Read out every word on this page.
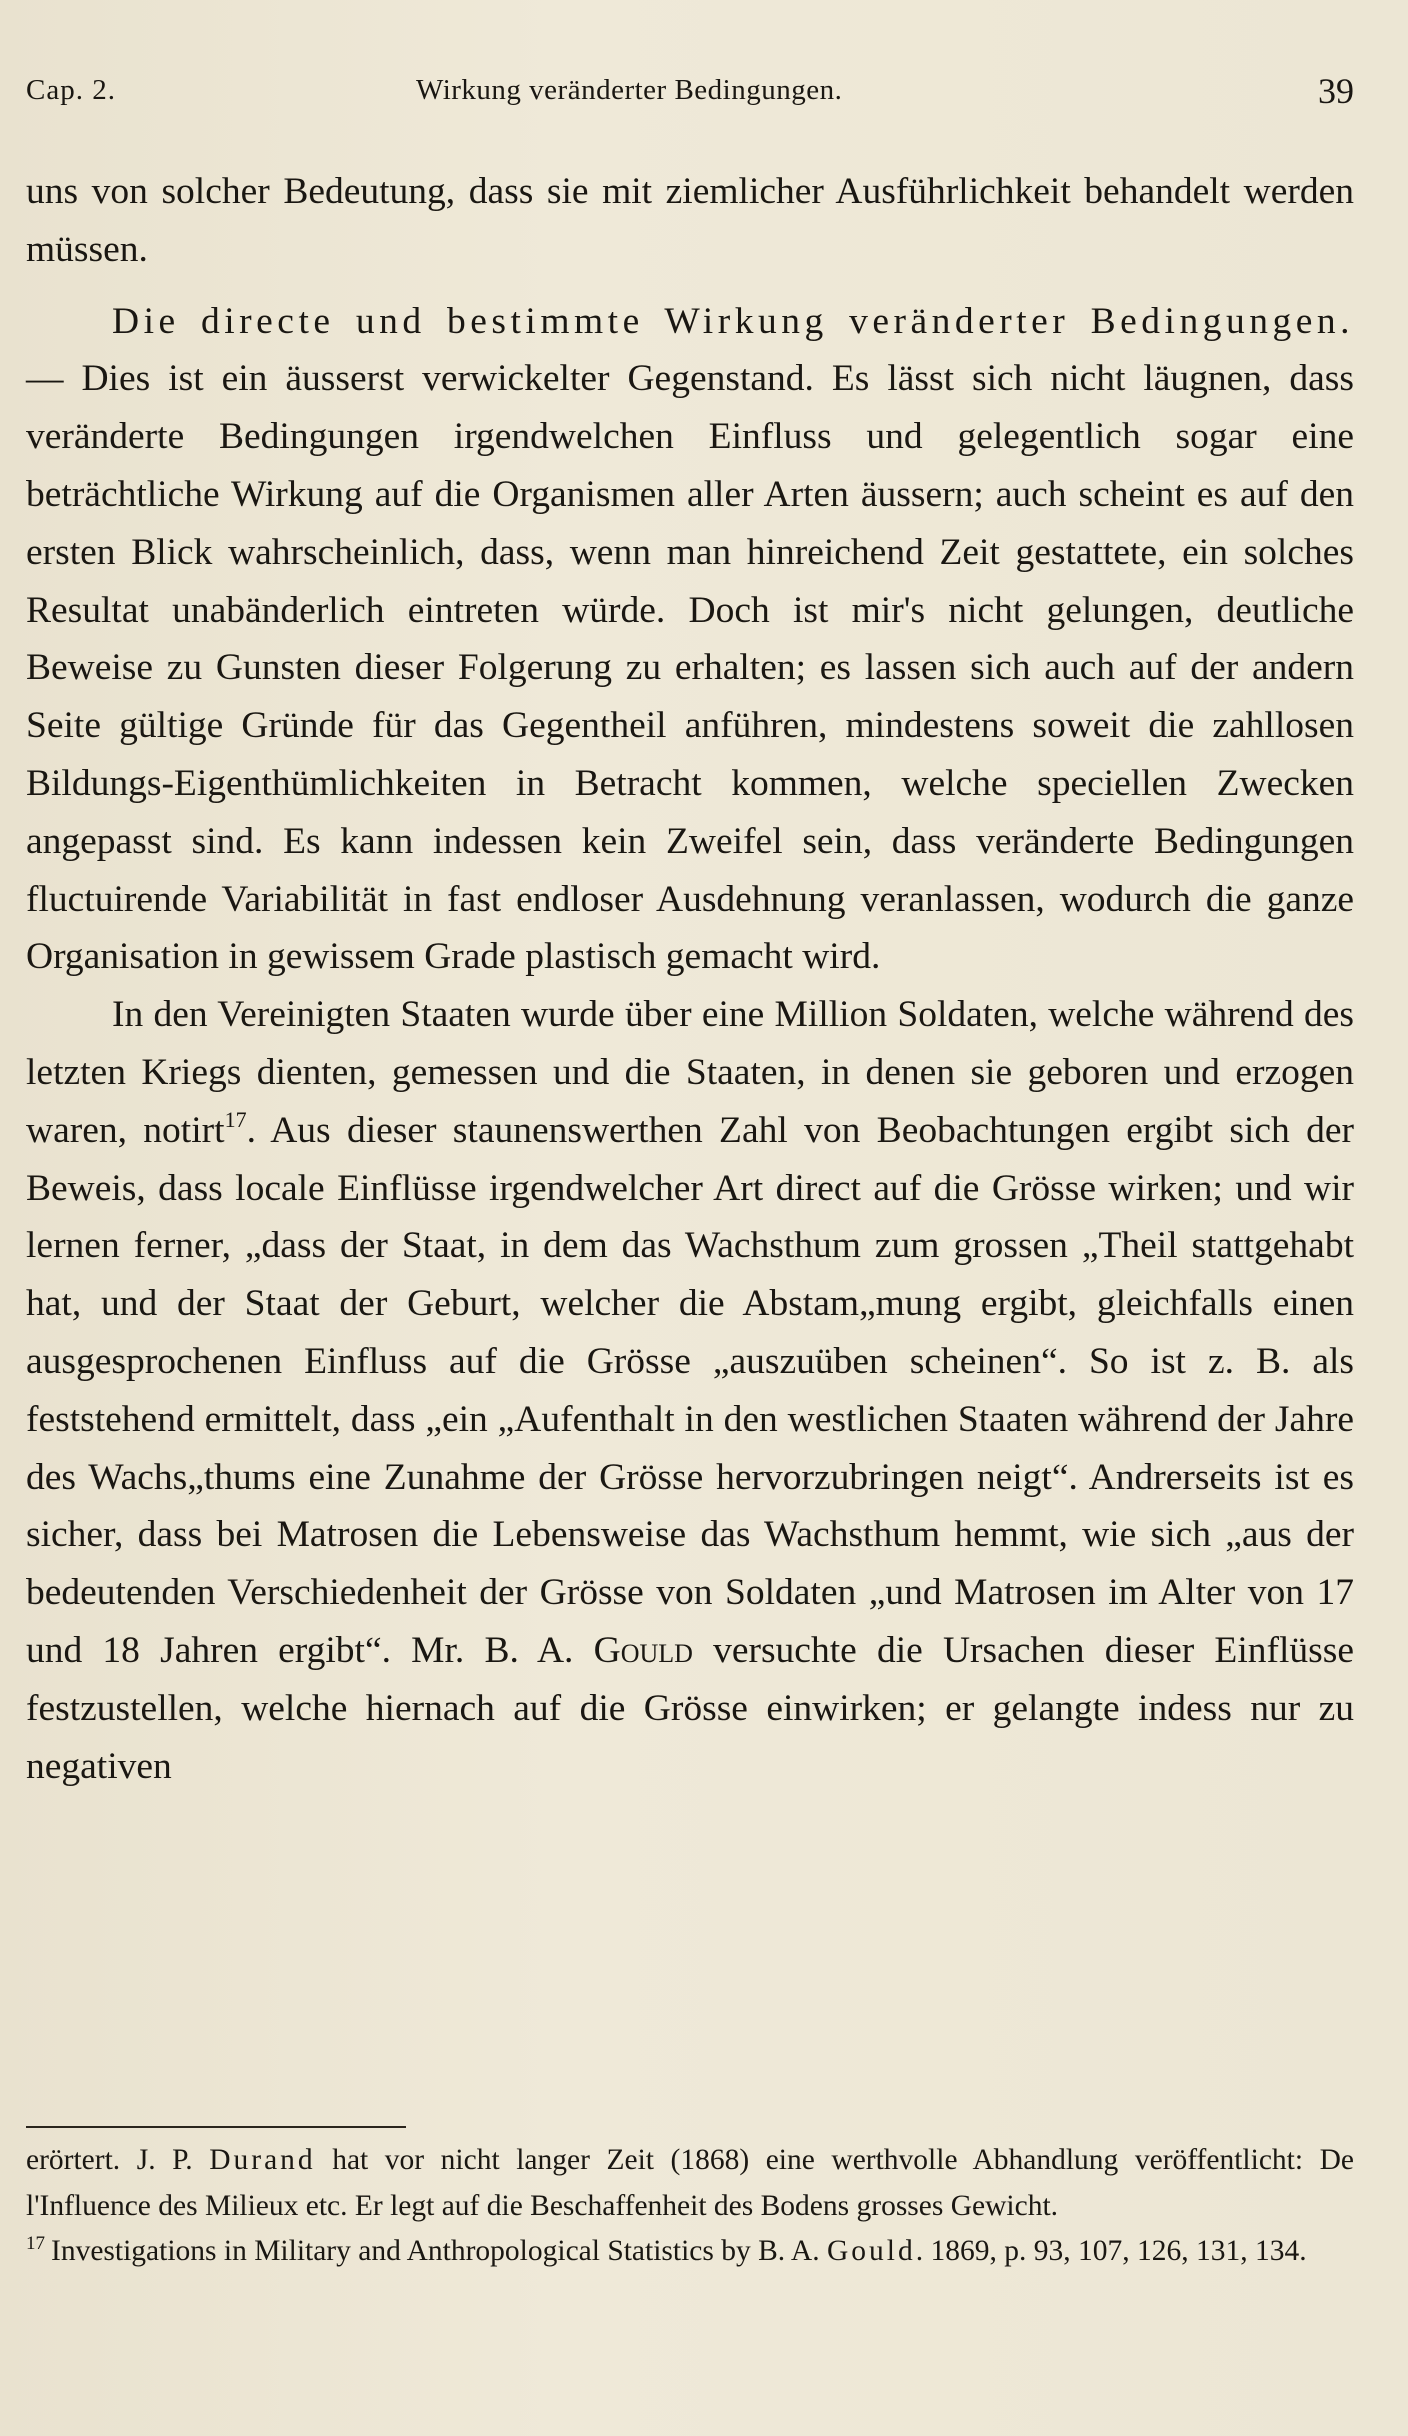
Cap. 2.	Wirkung veränderter Bedingungen.	39

uns von solcher Bedeutung, dass sie mit ziemlicher Ausführlichkeit behandelt werden müssen.

Die directe und bestimmte Wirkung veränderter Bedingungen. — Dies ist ein äusserst verwickelter Gegenstand. Es lässt sich nicht läugnen, dass veränderte Bedingungen irgendwelchen Einfluss und gelegentlich sogar eine beträchtliche Wirkung auf die Organismen aller Arten äussern; auch scheint es auf den ersten Blick wahrscheinlich, dass, wenn man hinreichend Zeit gestattete, ein solches Resultat unabänderlich eintreten würde. Doch ist mir's nicht gelungen, deutliche Beweise zu Gunsten dieser Folgerung zu erhalten; es lassen sich auch auf der andern Seite gültige Gründe für das Gegentheil anführen, mindestens soweit die zahllosen Bildungs-Eigenthümlichkeiten in Betracht kommen, welche speciellen Zwecken angepasst sind. Es kann indessen kein Zweifel sein, dass veränderte Bedingungen fluctuirende Variabilität in fast endloser Ausdehnung veranlassen, wodurch die ganze Organisation in gewissem Grade plastisch gemacht wird.

In den Vereinigten Staaten wurde über eine Million Soldaten, welche während des letzten Kriegs dienten, gemessen und die Staaten, in denen sie geboren und erzogen waren, notirt$^{17}$. Aus dieser staunenswerthen Zahl von Beobachtungen ergibt sich der Beweis, dass locale Einflüsse irgendwelcher Art direct auf die Grösse wirken; und wir lernen ferner, „dass der Staat, in dem das Wachsthum zum grossen „Theil stattgehabt hat, und der Staat der Geburt, welcher die Abstam„mung ergibt, gleichfalls einen ausgesprochenen Einfluss auf die Grösse „auszuüben scheinen“. So ist z. B. als feststehend ermittelt, dass „ein „Aufenthalt in den westlichen Staaten während der Jahre des Wachs„thums eine Zunahme der Grösse hervorzubringen neigt“. Andrerseits ist es sicher, dass bei Matrosen die Lebensweise das Wachsthum hemmt, wie sich „aus der bedeutenden Verschiedenheit der Grösse von Soldaten „und Matrosen im Alter von 17 und 18 Jahren ergibt“. Mr. B. A. Gould versuchte die Ursachen dieser Einflüsse festzustellen, welche hiernach auf die Grösse einwirken; er gelangte indess nur zu negativen

erörtert. J. P. Durand hat vor nicht langer Zeit (1868) eine werthvolle Abhandlung veröffentlicht: De l'Influence des Milieux etc. Er legt auf die Beschaffenheit des Bodens grosses Gewicht.

$^{17}$ Investigations in Military and Anthropological Statistics by B. A. Gould. 1869, p. 93, 107, 126, 131, 134.
